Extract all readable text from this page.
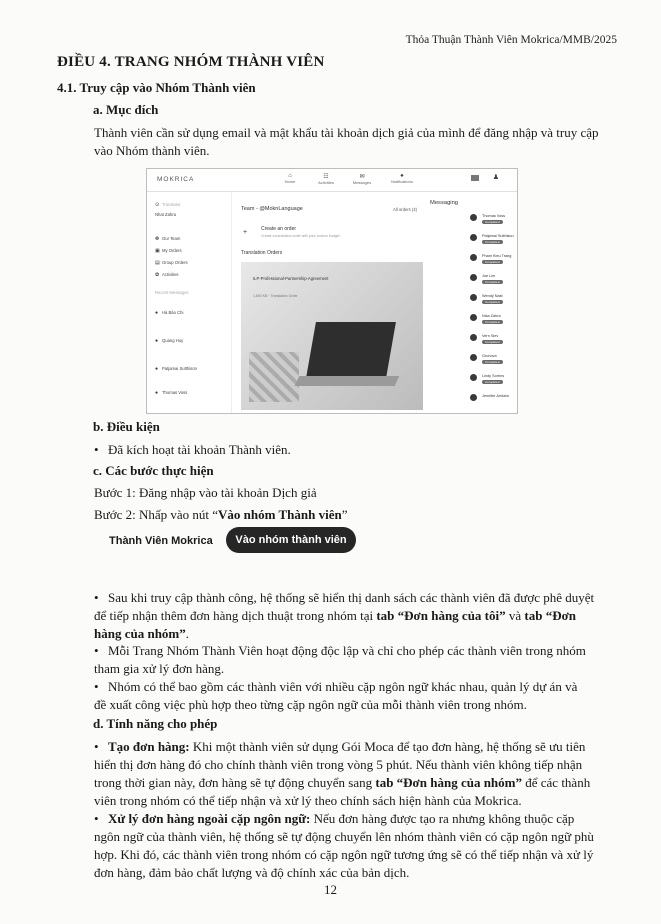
Thỏa Thuận Thành Viên Mokrica/MMB/2025
ĐIỀU 4. TRANG NHÓM THÀNH VIÊN
4.1. Truy cập vào Nhóm Thành viên
a. Mục đích
Thành viên cần sử dụng email và mật khẩu tài khoản dịch giả của mình để đăng nhập và truy cập
vào Nhóm thành viên.
MOKRICA	⌂
Home
☷
Activities
✉
Messages
♠
Notifications
♟
⊙ Translator
Nhat Zahra
❁ Our Team
▣ My Orders
▤ Group Orders
✿ Activities
Recent Messages
● Hà Bảo Chi
● Quang Huy
● Patjamai Sutthison
● Thomas Voss
Team - @MoknLanguage	All orders (3)
+	Create an order
Create a translation order with your custom budget
Translation Orders
ILP-Professional-Partnership-Agreement
1,500 KB · Translation Order
Messaging
Thomas Voss
Completed
Patjamai Sutthison
Completed
Pham Kieu Trang
Completed
Joe Lim
Completed
Wendy Nast
Completed
Nisa Zahra
Completed
Vern Siev
Completed
Grunova
Completed
Lindy Sorrins
Completed
Jennifer Aniston
b. Điều kiện
• Đã kích hoạt tài khoản Thành viên.
c. Các bước thực hiện
Bước 1: Đăng nhập vào tài khoản Dịch giả
Bước 2: Nhấp vào nút “Vào nhóm Thành viên”
Thành Viên Mokrica	Vào nhóm thành viên
• Sau khi truy cập thành công, hệ thống sẽ hiển thị danh sách các thành viên đã được phê duyệt
để tiếp nhận thêm đơn hàng dịch thuật trong nhóm tại tab “Đơn hàng của tôi” và tab “Đơn
hàng của nhóm”.
• Mỗi Trang Nhóm Thành Viên hoạt động độc lập và chỉ cho phép các thành viên trong nhóm
tham gia xử lý đơn hàng.
• Nhóm có thể bao gồm các thành viên với nhiều cặp ngôn ngữ khác nhau, quản lý dự án và
đề xuất công việc phù hợp theo từng cặp ngôn ngữ của mỗi thành viên trong nhóm.
d. Tính năng cho phép
• Tạo đơn hàng: Khi một thành viên sử dụng Gói Moca để tạo đơn hàng, hệ thống sẽ ưu tiên
hiển thị đơn hàng đó cho chính thành viên trong vòng 5 phút. Nếu thành viên không tiếp nhận
trong thời gian này, đơn hàng sẽ tự động chuyển sang tab “Đơn hàng của nhóm” để các thành
viên trong nhóm có thể tiếp nhận và xử lý theo chính sách hiện hành của Mokrica.
• Xử lý đơn hàng ngoài cặp ngôn ngữ: Nếu đơn hàng được tạo ra nhưng không thuộc cặp
ngôn ngữ của thành viên, hệ thống sẽ tự động chuyển lên nhóm thành viên có cặp ngôn ngữ phù
hợp. Khi đó, các thành viên trong nhóm có cặp ngôn ngữ tương ứng sẽ có thể tiếp nhận và xử lý
đơn hàng, đảm bảo chất lượng và độ chính xác của bản dịch.
12
